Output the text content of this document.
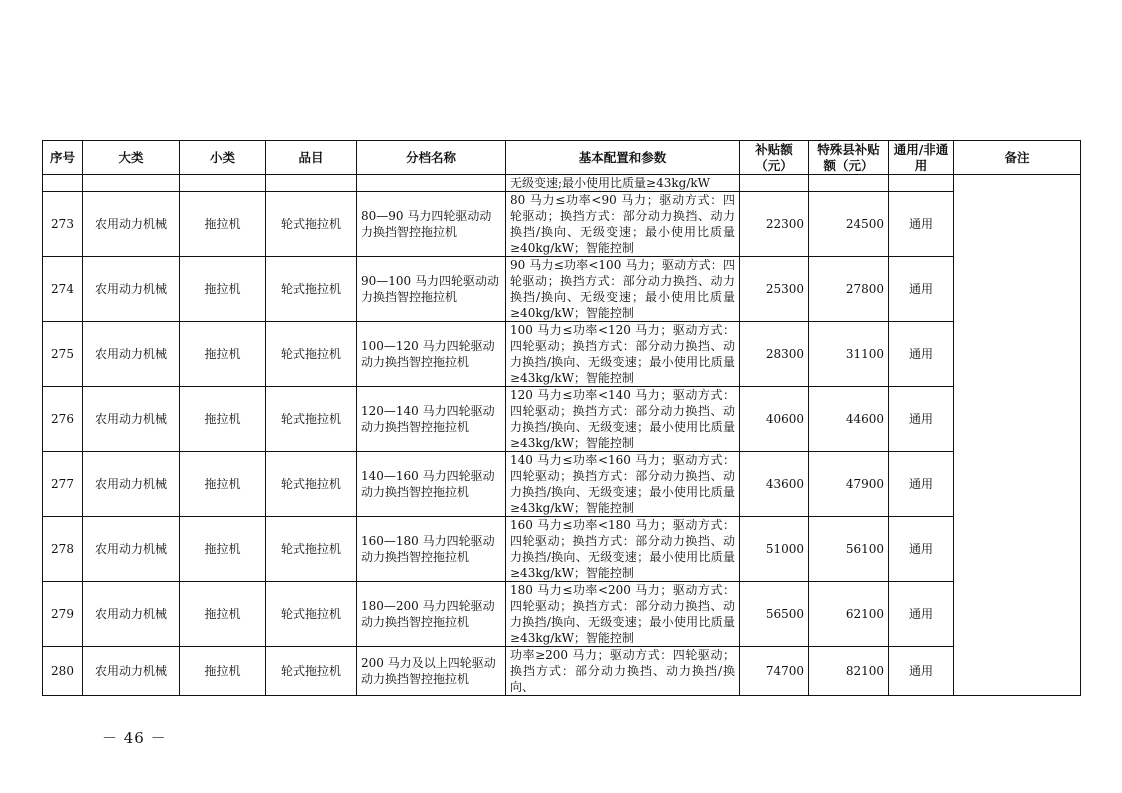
序号	大类	小类	品目	分档名称	基本配置和参数	补贴额（元）	特殊县补贴额（元）	通用/非通用	备注
					无级变速;最小使用比质量≥43kg/kW				
273	农用动力机械	拖拉机	轮式拖拉机	80—90 马力四轮驱动动力换挡智控拖拉机	80 马力≤功率<90 马力；驱动方式：四轮驱动；换挡方式：部分动力换挡、动力换挡/换向、无级变速；最小使用比质量≥40kg/kW；智能控制	22300	24500	通用	
274	农用动力机械	拖拉机	轮式拖拉机	90—100 马力四轮驱动动力换挡智控拖拉机	90 马力≤功率<100 马力；驱动方式：四轮驱动；换挡方式：部分动力换挡、动力换挡/换向、无级变速；最小使用比质量≥40kg/kW；智能控制	25300	27800	通用	
275	农用动力机械	拖拉机	轮式拖拉机	100—120 马力四轮驱动动力换挡智控拖拉机	100 马力≤功率<120 马力；驱动方式：四轮驱动；换挡方式：部分动力换挡、动力换挡/换向、无级变速；最小使用比质量≥43kg/kW；智能控制	28300	31100	通用	
276	农用动力机械	拖拉机	轮式拖拉机	120—140 马力四轮驱动动力换挡智控拖拉机	120 马力≤功率<140 马力；驱动方式：四轮驱动；换挡方式：部分动力换挡、动力换挡/换向、无级变速；最小使用比质量≥43kg/kW；智能控制	40600	44600	通用	
277	农用动力机械	拖拉机	轮式拖拉机	140—160 马力四轮驱动动力换挡智控拖拉机	140 马力≤功率<160 马力；驱动方式：四轮驱动；换挡方式：部分动力换挡、动力换挡/换向、无级变速；最小使用比质量≥43kg/kW；智能控制	43600	47900	通用	
278	农用动力机械	拖拉机	轮式拖拉机	160—180 马力四轮驱动动力换挡智控拖拉机	160 马力≤功率<180 马力；驱动方式：四轮驱动；换挡方式：部分动力换挡、动力换挡/换向、无级变速；最小使用比质量≥43kg/kW；智能控制	51000	56100	通用	
279	农用动力机械	拖拉机	轮式拖拉机	180—200 马力四轮驱动动力换挡智控拖拉机	180 马力≤功率<200 马力；驱动方式：四轮驱动；换挡方式：部分动力换挡、动力换挡/换向、无级变速；最小使用比质量≥43kg/kW；智能控制	56500	62100	通用	
280	农用动力机械	拖拉机	轮式拖拉机	200 马力及以上四轮驱动动力换挡智控拖拉机	功率≥200 马力；驱动方式：四轮驱动；换挡方式：部分动力换挡、动力换挡/换向、	74700	82100	通用	
－ 46 －
